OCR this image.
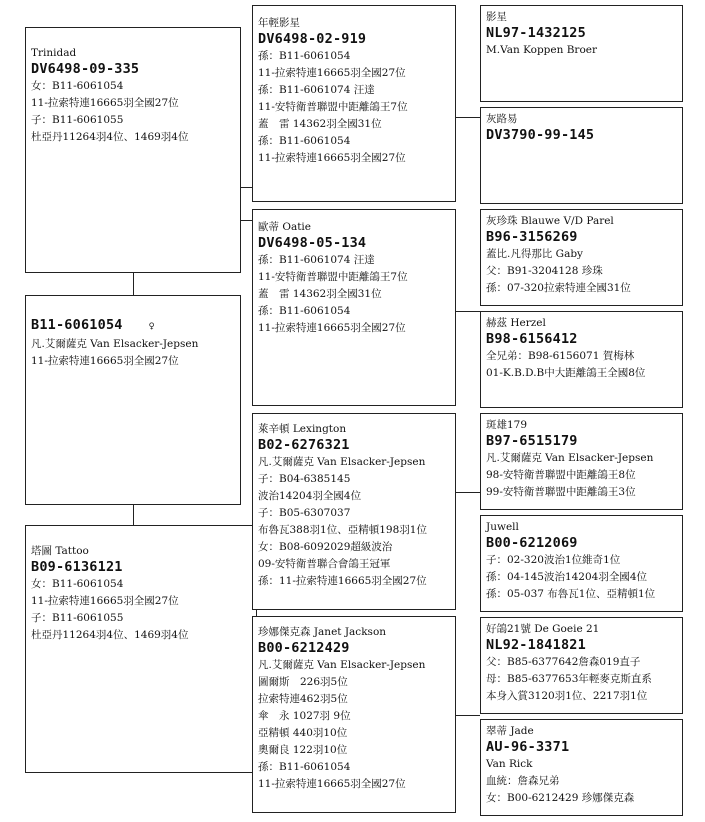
Trinidad
DV6498-09-335
女：B11-6061054
11-拉索特連16665羽全國27位
子：B11-6061055
杜亞丹11264羽4位、1469羽4位
B11-6061054	♀
凡.艾爾薩克 Van Elsacker-Jepsen
11-拉索特連16665羽全國27位
塔圖 Tattoo
B09-6136121
女：B11-6061054
11-拉索特連16665羽全國27位
子：B11-6061055
杜亞丹11264羽4位、1469羽4位
年輕影星
DV6498-02-919
孫：B11-6061054
11-拉索特連16665羽全國27位
孫：B11-6061074 汪達
11-安特衛普聯盟中距離鴿王7位
蓋　雷 14362羽全國31位
孫：B11-6061054
11-拉索特連16665羽全國27位
歐蒂 Oatie
DV6498-05-134
孫：B11-6061074 汪達
11-安特衛普聯盟中距離鴿王7位
蓋　雷 14362羽全國31位
孫：B11-6061054
11-拉索特連16665羽全國27位
萊辛頓 Lexington
B02-6276321
凡.艾爾薩克 Van Elsacker-Jepsen
子：B04-6385145
波治14204羽全國4位
子：B05-6307037
布魯瓦388羽1位、亞精頓198羽1位
女：B08-6092029超級波治
09-安特衛普聯合會鴿王冠軍
孫：11-拉索特連16665羽全國27位
珍娜傑克森 Janet Jackson
B00-6212429
凡.艾爾薩克 Van Elsacker-Jepsen
圖爾斯　226羽5位
拉索特連462羽5位
傘　永 1027羽 9位
亞精頓 440羽10位
奧爾良 122羽10位
孫：B11-6061054
11-拉索特連16665羽全國27位
影星
NL97-1432125
M.Van Koppen Broer
灰路易
DV3790-99-145
灰珍珠 Blauwe V/D Parel
B96-3156269
蓋比.凡得那比 Gaby
父：B91-3204128 珍珠
孫：07-320拉索特連全國31位
赫茲 Herzel
B98-6156412
全兄弟：B98-6156071 賀梅林
01-K.B.D.B中大距離鴿王全國8位
斑雄179
B97-6515179
凡.艾爾薩克 Van Elsacker-Jepsen
98-安特衛普聯盟中距離鴿王8位
99-安特衛普聯盟中距離鴿王3位
Juwell
B00-6212069
子：02-320波治1位維奇1位
孫：04-145波治14204羽全國4位
孫：05-037 布魯瓦1位、亞精頓1位
好鴿21號 De Goeie 21
NL92-1841821
父：B85-6377642詹森019直子
母：B85-6377653年輕麥克斯直系
本身入賞3120羽1位、2217羽1位
翠蒂 Jade
AU-96-3371
Van Rick
血統：詹森兄弟
女：B00-6212429 珍娜傑克森
